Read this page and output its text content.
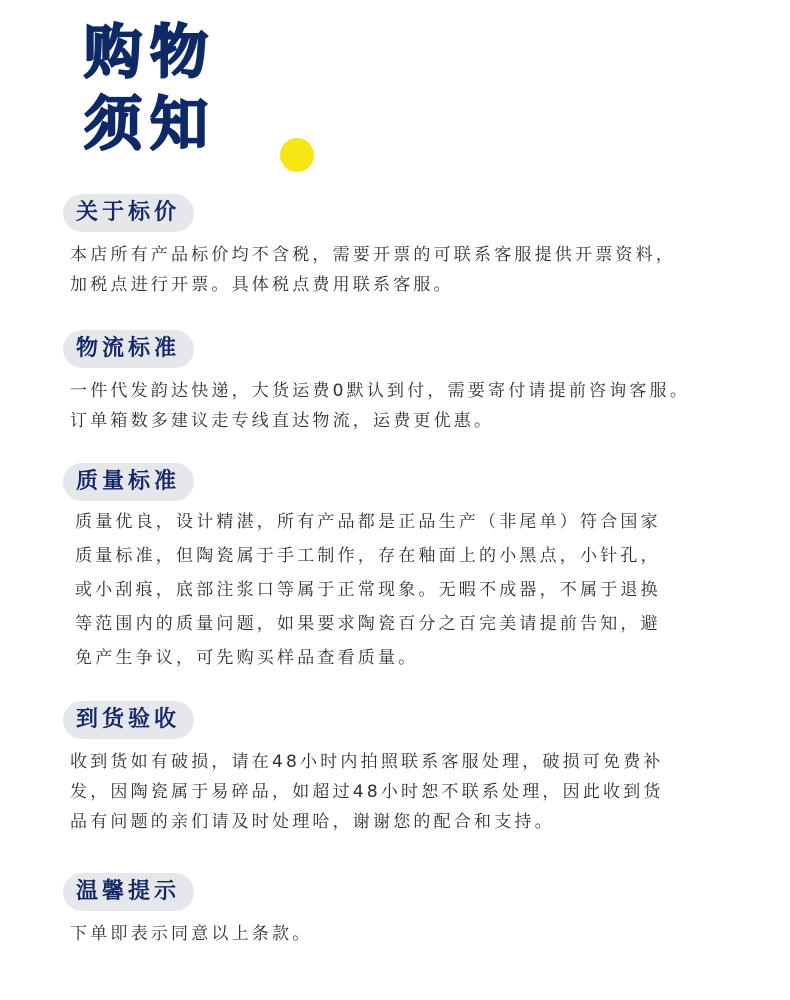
购物
须知
关于标价
本店所有产品标价均不含税，需要开票的可联系客服提供开票资料，
加税点进行开票。具体税点费用联系客服。
物流标准
一件代发韵达快递，大货运费0默认到付，需要寄付请提前咨询客服。
订单箱数多建议走专线直达物流，运费更优惠。
质量标准
质量优良，设计精湛，所有产品都是正品生产（非尾单）符合国家
质量标准，但陶瓷属于手工制作，存在釉面上的小黑点，小针孔，
或小刮痕，底部注浆口等属于正常现象。无暇不成器，不属于退换
等范围内的质量问题，如果要求陶瓷百分之百完美请提前告知，避
免产生争议，可先购买样品查看质量。
到货验收
收到货如有破损，请在48小时内拍照联系客服处理，破损可免费补
发，因陶瓷属于易碎品，如超过48小时恕不联系处理，因此收到货
品有问题的亲们请及时处理哈，谢谢您的配合和支持。
温馨提示
下单即表示同意以上条款。
